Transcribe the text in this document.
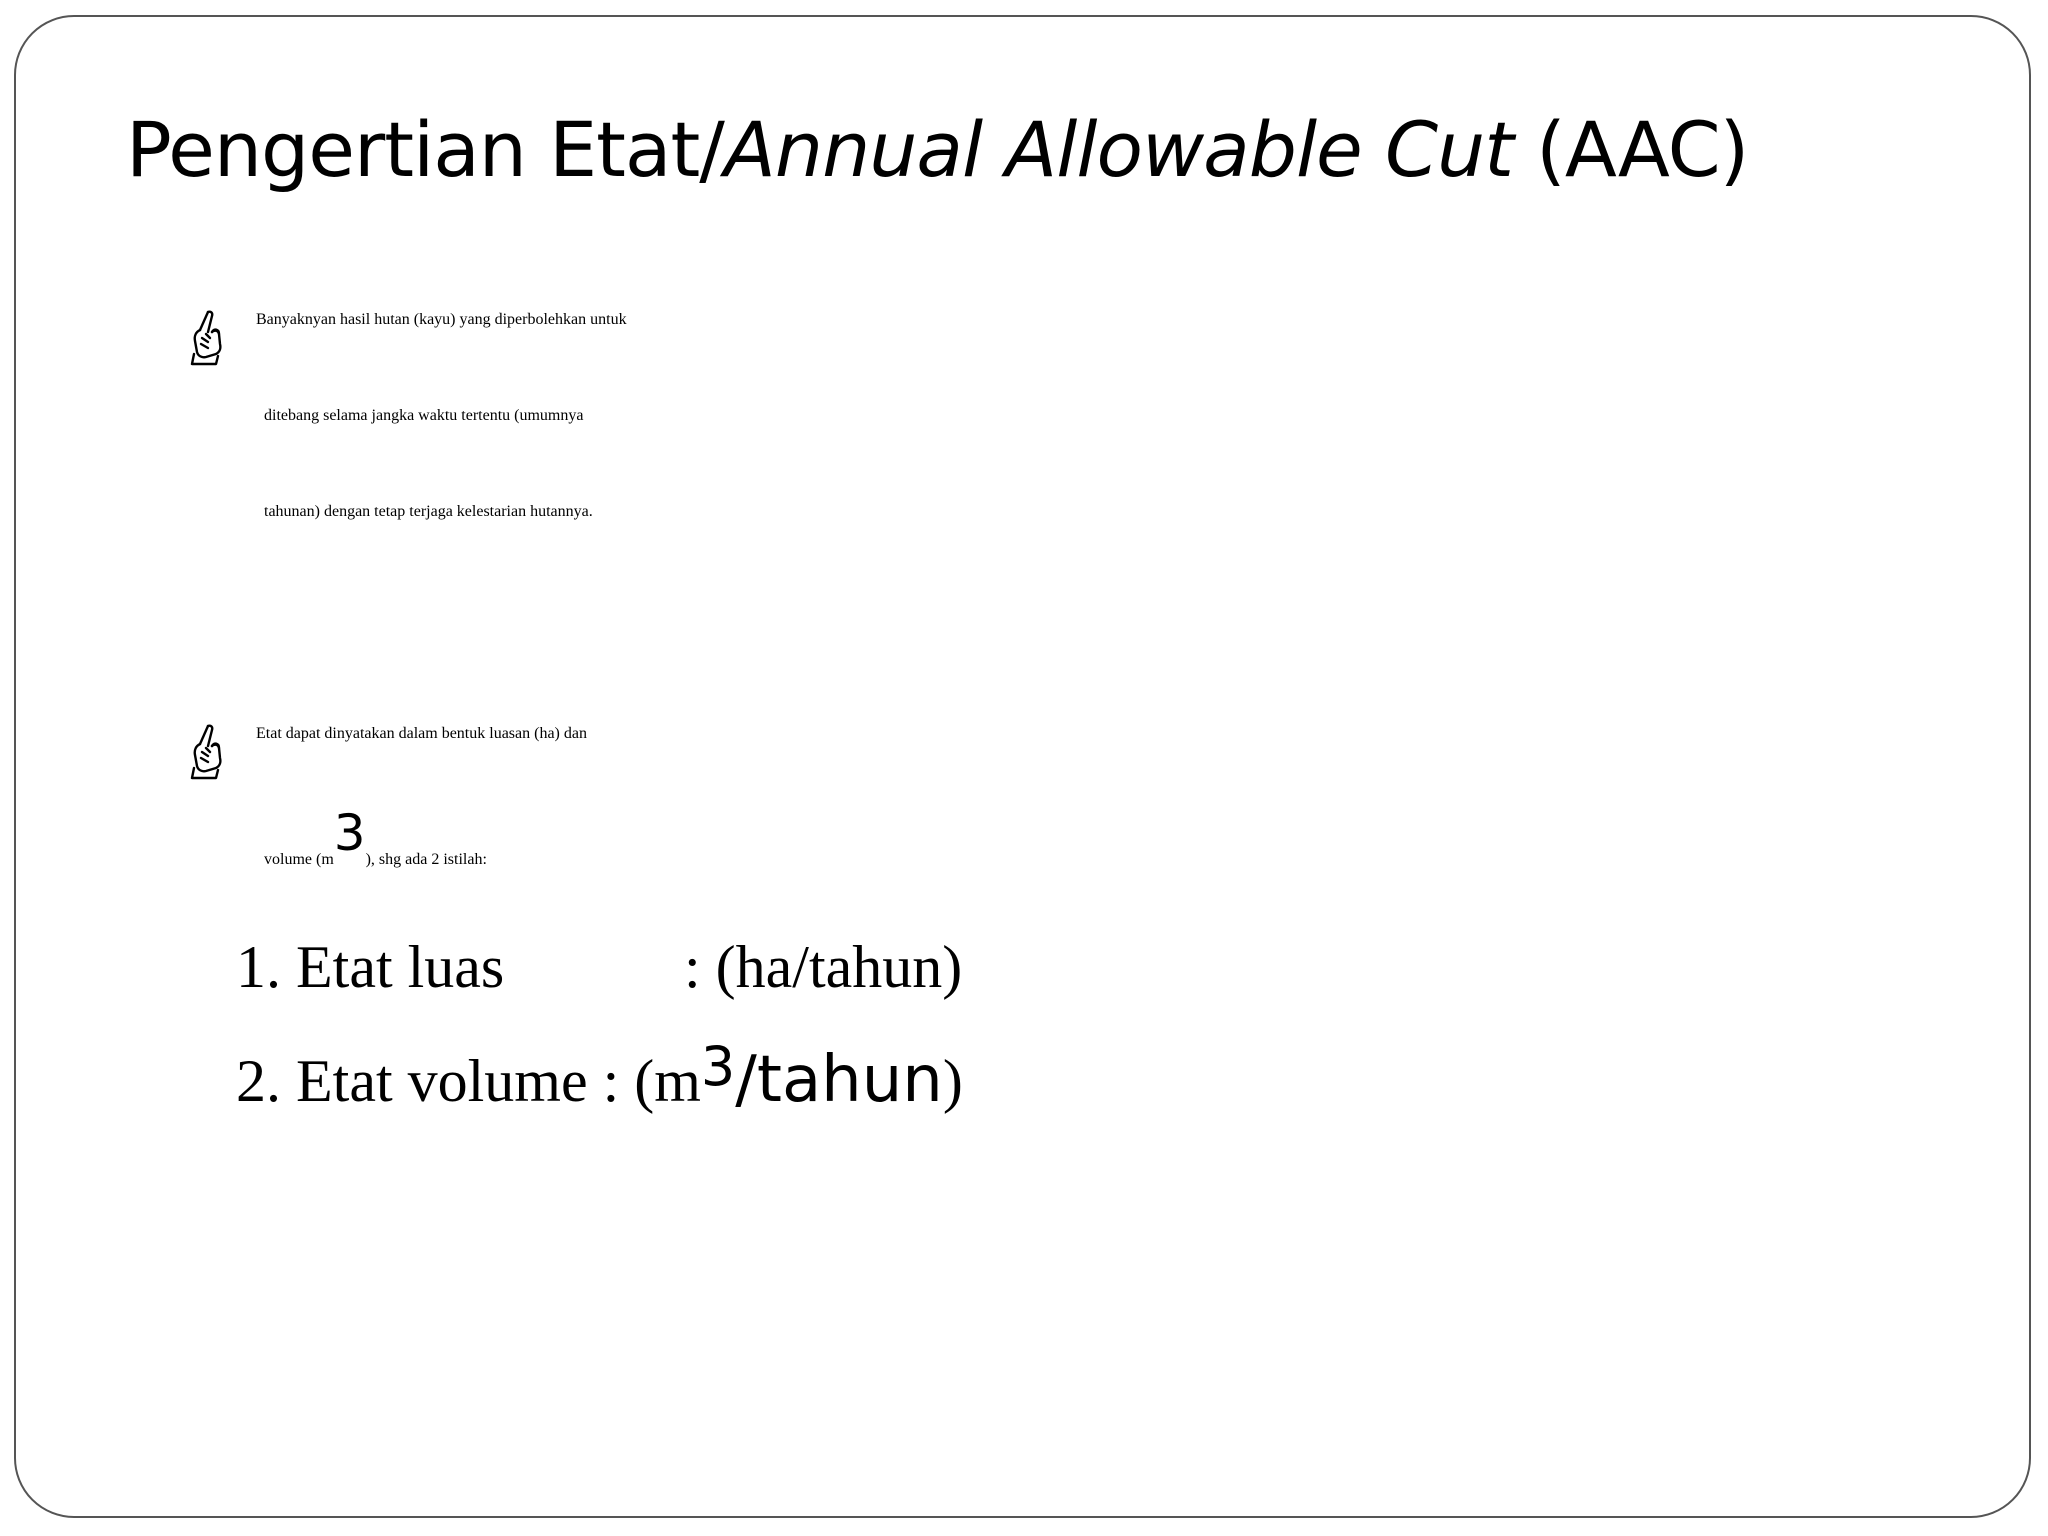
Pengertian Etat/Annual Allowable Cut (AAC)
Banyaknyan hasil hutan (kayu) yang diperbolehkan untuk
ditebang selama jangka waktu tertentu (umumnya
tahunan) dengan tetap terjaga kelestarian hutannya.
Etat dapat dinyatakan dalam bentuk luasan (ha) dan
volume (m3), shg ada 2 istilah:
1. Etat luas	: (ha/tahun)
2. Etat volume : (m3/tahun)
